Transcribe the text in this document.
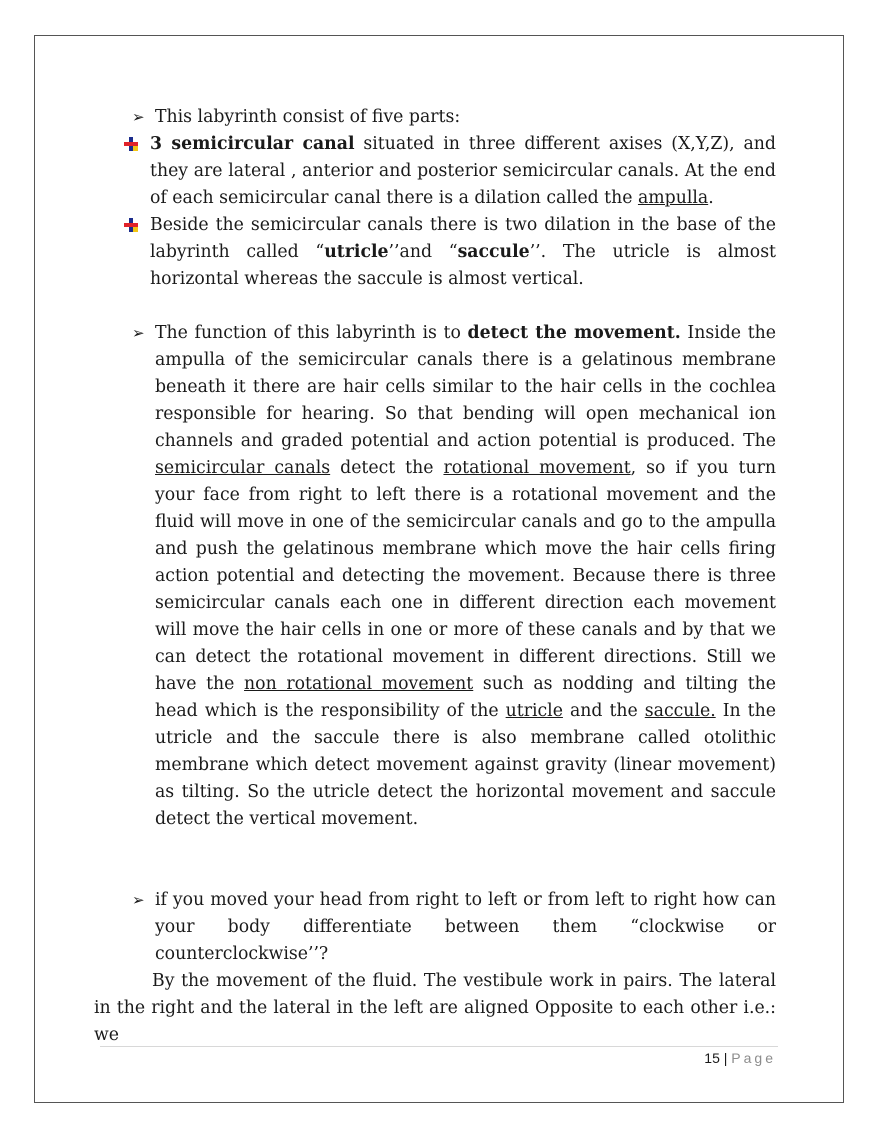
➢ This labyrinth consist of five parts:
3 semicircular canal situated in three different axises (X,Y,Z), and they are lateral , anterior and posterior semicircular canals. At the end of each semicircular canal there is a dilation called the ampulla.
Beside the semicircular canals there is two dilation in the base of the labyrinth called “utricle’’and “saccule’’. The utricle is almost horizontal whereas the saccule is almost vertical.
➢ The function of this labyrinth is to detect the movement. Inside the ampulla of the semicircular canals there is a gelatinous membrane beneath it there are hair cells similar to the hair cells in the cochlea responsible for hearing. So that bending will open mechanical ion channels and graded potential and action potential is produced. The semicircular canals detect the rotational movement, so if you turn your face from right to left there is a rotational movement and the fluid will move in one of the semicircular canals and go to the ampulla and push the gelatinous membrane which move the hair cells firing action potential and detecting the movement. Because there is three semicircular canals each one in different direction each movement will move the hair cells in one or more of these canals and by that we can detect the rotational movement in different directions. Still we have the non rotational movement such as nodding and tilting the head which is the responsibility of the utricle and the saccule. In the utricle and the saccule there is also membrane called otolithic membrane which detect movement against gravity (linear movement) as tilting. So the utricle detect the horizontal movement and saccule detect the vertical movement.
➢ if you moved your head from right to left or from left to right how can your body differentiate between them “clockwise or counterclockwise’’?
By the movement of the fluid. The vestibule work in pairs. The lateral in the right and the lateral in the left are aligned Opposite to each other i.e.: we
15 | Page
